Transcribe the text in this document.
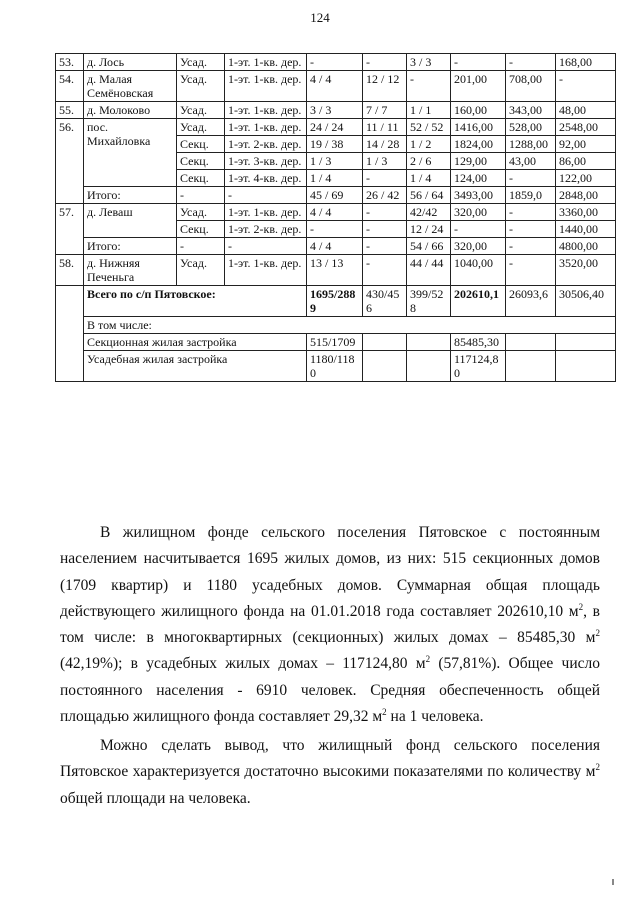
124
53.	д. Лось	Усад.	1-эт. 1-кв. дер.	-	-	3 / 3	-	-	168,00
54.	д. Малая Семёновская	Усад.	1-эт. 1-кв. дер.	4 / 4	12 / 12	-	201,00	708,00	-
55.	д. Молоково	Усад.	1-эт. 1-кв. дер.	3 / 3	7 / 7	1 / 1	160,00	343,00	48,00
56.	пос. Михайловка	Усад.	1-эт. 1-кв. дер.	24 / 24	11 / 11	52 / 52	1416,00	528,00	2548,00
		Секц.	1-эт. 2-кв. дер.	19 / 38	14 / 28	1 / 2	1824,00	1288,00	92,00
		Секц.	1-эт. 3-кв. дер.	1 / 3	1 / 3	2 / 6	129,00	43,00	86,00
		Секц.	1-эт. 4-кв. дер.	1 / 4	-	1 / 4	124,00	-	122,00
	Итого:	-	-	45 / 69	26 / 42	56 / 64	3493,00	1859,0	2848,00
57.	д. Леваш	Усад.	1-эт. 1-кв. дер.	4 / 4	-	42/42	320,00	-	3360,00
		Секц.	1-эт. 2-кв. дер.	-	-	12 / 24	-	-	1440,00
	Итого:	-	-	4 / 4	-	54 / 66	320,00	-	4800,00
58.	д. Нижняя Печеньга	Усад.	1-эт. 1-кв. дер.	13 / 13	-	44 / 44	1040,00	-	3520,00
	Всего по с/п Пятовское:			1695/2889	430/456	399/528	202610,1	26093,6	30506,40
	В том числе:								
	Секционная жилая застройка			515/1709			85485,30		
	Усадебная жилая застройка			1180/1180			117124,80		

В жилищном фонде сельского поселения Пятовское с постоянным населением насчитывается 1695 жилых домов, из них: 515 секционных домов (1709 квартир) и 1180 усадебных домов. Суммарная общая площадь действующего жилищного фонда на 01.01.2018 года составляет 202610,10 $м^2$, в том числе: в многоквартирных (секционных) жилых домах – 85485,30 $м^2$ (42,19%); в усадебных жилых домах – 117124,80 $м^2$ (57,81%). Общее число постоянного населения - 6910 человек. Средняя обеспеченность общей площадью жилищного фонда составляет 29,32 $м^2$ на 1 человека.

Можно сделать вывод, что жилищный фонд сельского поселения Пятовское характеризуется достаточно высокими показателями по количеству $м^2$ общей площади на человека.
